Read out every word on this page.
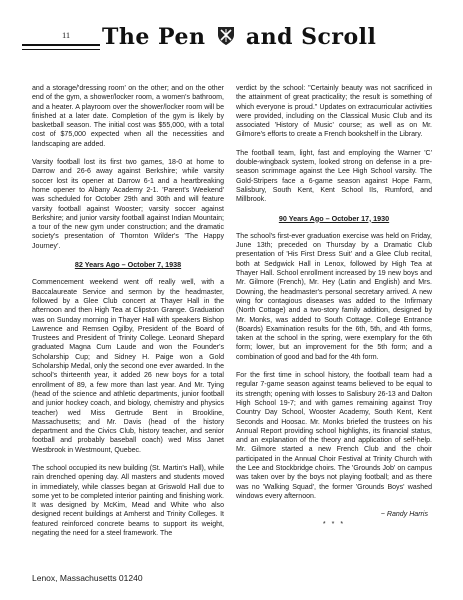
11 The Pen and Scroll

and a storage/'dressing room' on the other; and on the other end of the gym, a shower/locker room, a women's bathroom, and a heater. A playroom over the shower/locker room will be finished at a later date. Completion of the gym is likely by basketball season. The initial cost was $55,000, with a total cost of $75,000 expected when all the necessities and landscaping are added.

Varsity football lost its first two games, 18-0 at home to Darrow and 26-6 away against Berkshire; while varsity soccer lost its opener at Darrow 6-1 and a heartbreaking home opener to Albany Academy 2-1. 'Parent's Weekend' was scheduled for October 29th and 30th and will feature varsity football against Wooster; varsity soccer against Berkshire; and junior varsity football against Indian Mountain; a tour of the new gym under construction; and the dramatic society's presentation of Thornton Wilder's 'The Happy Journey'.

82 Years Ago – October 7, 1938

Commencement weekend went off really well, with a Baccalaureate Service and sermon by the headmaster, followed by a Glee Club concert at Thayer Hall in the afternoon and then High Tea at Clipston Grange. Graduation was on Sunday morning in Thayer Hall with speakers Bishop Lawrence and Remsen Ogilby, President of the Board of Trustees and President of Trinity College. Leonard Shepard graduated Magna Cum Laude and won the Founder's Scholarship Cup; and Sidney H. Paige won a Gold Scholarship Medal, only the second one ever awarded. In the school's thirteenth year, it added 26 new boys for a total enrollment of 89, a few more than last year. And Mr. Tying (head of the science and athletic departments, junior football and junior hockey coach, and biology, chemistry and physics teacher) wed Miss Gertrude Bent in Brookline, Massachusetts; and Mr. Davis (head of the history department and the Civics Club, history teacher, and senior football and probably baseball coach) wed Miss Janet Westbrook in Westmount, Quebec.

The school occupied its new building (St. Martin's Hall), while rain drenched opening day. All masters and students moved in immediately, while classes began at Griswold Hall due to some yet to be completed interior painting and finishing work. It was designed by McKim, Mead and White who also designed recent buildings at Amherst and Trinity Colleges. It featured reinforced concrete beams to support its weight, negating the need for a steel framework. The

verdict by the school: "Certainly beauty was not sacrificed in the attainment of great practicality; the result is something of which everyone is proud." Updates on extracurricular activities were provided, including on the Classical Music Club and its associated 'History of Music' course; as well as on Mr. Gilmore's efforts to create a French bookshelf in the Library.

The football team, light, fast and employing the Warner 'C' double-wingback system, looked strong on defense in a pre-season scrimmage against the Lee High School varsity. The Gold-Stripers face a 6-game season against Hope Farm, Salisbury, South Kent, Kent School IIs, Rumford, and Millbrook.

90 Years Ago – October 17, 1930

The school's first-ever graduation exercise was held on Friday, June 13th; preceded on Thursday by a Dramatic Club presentation of 'His First Dress Suit' and a Glee Club recital, both at Sedgwick Hall in Lenox, followed by High Tea at Thayer Hall. School enrollment increased by 19 new boys and Mr. Gilmore (French), Mr. Hey (Latin and English) and Mrs. Downing, the headmaster's personal secretary arrived. A new wing for contagious diseases was added to the Infirmary (North Cottage) and a two-story family addition, designed by Mr. Monks, was added to South Cottage. College Entrance (Boards) Examination results for the 6th, 5th, and 4th forms, taken at the school in the spring, were exemplary for the 6th form; lower, but an improvement for the 5th form; and a combination of good and bad for the 4th form.

For the first time in school history, the football team had a regular 7-game season against teams believed to be equal to its strength; opening with losses to Salisbury 26-13 and Dalton High School 19-7; and with games remaining against Troy Country Day School, Wooster Academy, South Kent, Kent Seconds and Hoosac. Mr. Monks briefed the trustees on his Annual Report providing school highlights, its financial status, and an explanation of the theory and application of self-help. Mr. Gilmore started a new French Club and the choir participated in the Annual Choir Festival at Trinity Church with the Lee and Stockbridge choirs. The 'Grounds Job' on campus was taken over by the boys not playing football; and as there was no 'Walking Squad', the former 'Grounds Boys' washed windows every afternoon.

~ Randy Harris

* * *
Lenox, Massachusetts 01240
